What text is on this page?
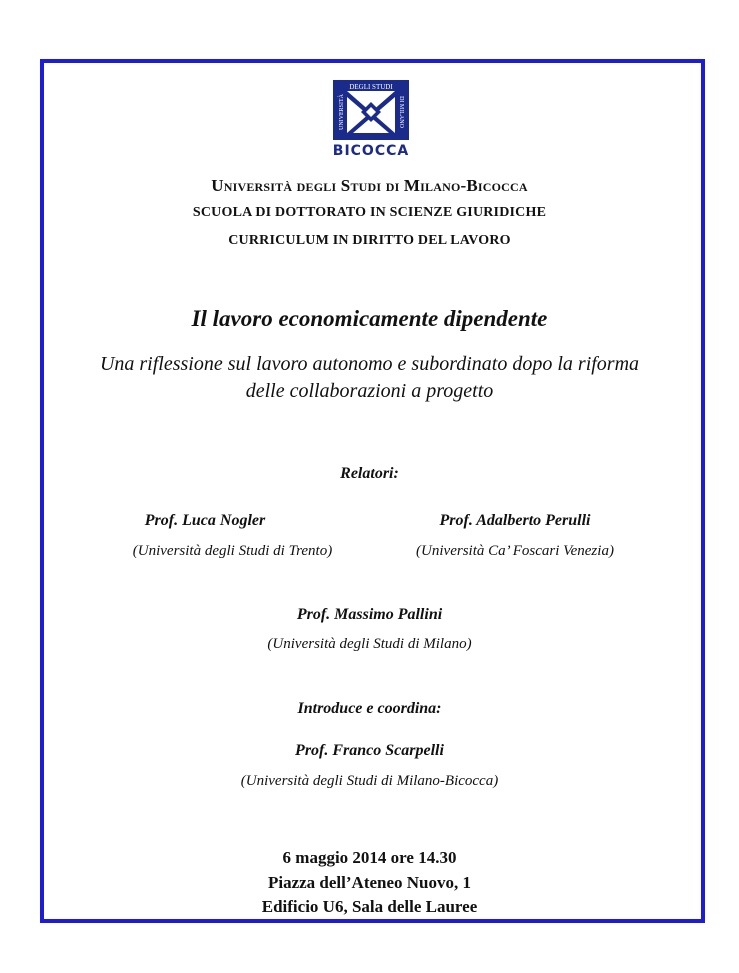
DEGLI STUDI
UNIVERSITÀ	DI MILANO
BICOCCA
Università degli Studi di Milano-Bicocca
SCUOLA DI DOTTORATO IN SCIENZE GIURIDICHE
CURRICULUM IN DIRITTO DEL LAVORO
Il lavoro economicamente dipendente
Una riflessione sul lavoro autonomo e subordinato dopo la riforma
delle collaborazioni a progetto
Relatori:
Prof. Luca Nogler
(Università degli Studi di Trento)
Prof. Adalberto Perulli
(Università Ca’ Foscari Venezia)
Prof. Massimo Pallini
(Università degli Studi di Milano)
Introduce e coordina:
Prof. Franco Scarpelli
(Università degli Studi di Milano-Bicocca)
6 maggio 2014 ore 14.30
Piazza dell’Ateneo Nuovo, 1
Edificio U6, Sala delle Lauree
